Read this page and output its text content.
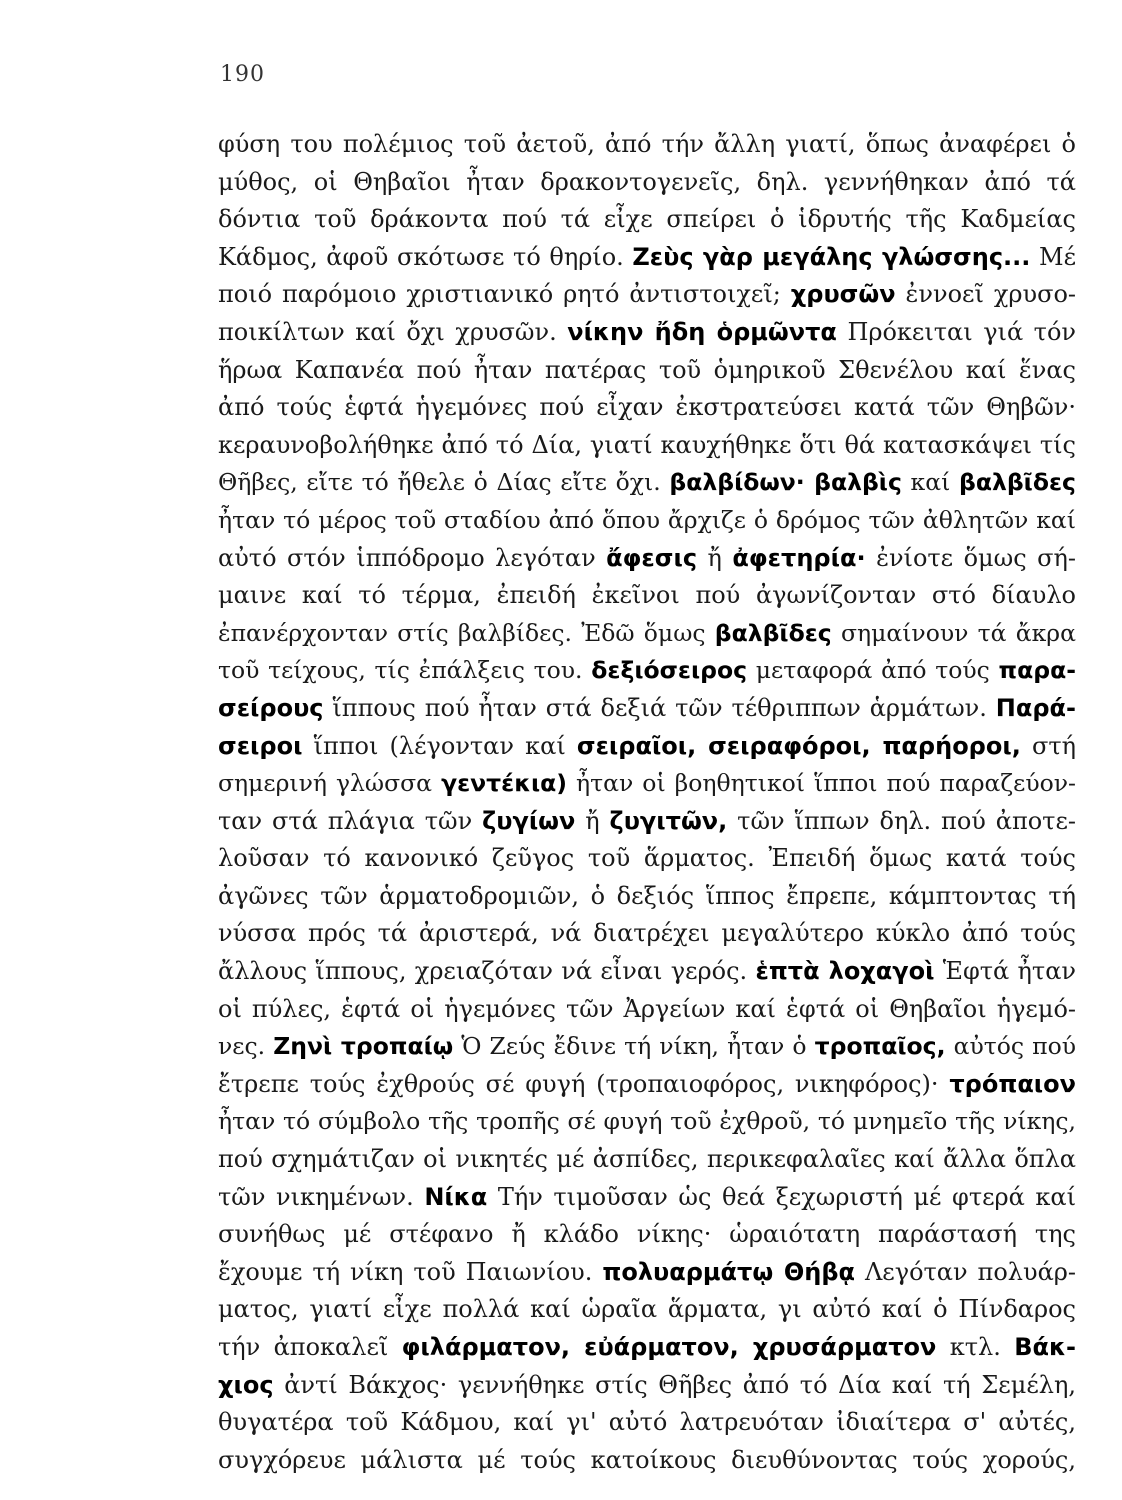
190
φύση του πολέμιος τοῦ ἀετοῦ, ἀπό τήν ἄλλη γιατί, ὅπως ἀναφέρει ὁ
μύθος, οἱ Θηβαῖοι ἦταν δρακοντογενεῖς, δηλ. γεννήθηκαν ἀπό τά
δόντια τοῦ δράκοντα πού τά εἶχε σπείρει ὁ ἱδρυτής τῆς Καδμείας
Κάδμος, ἀφοῦ σκότωσε τό θηρίο. Ζεὺς γὰρ μεγάλης γλώσσης... Μέ
ποιό παρόμοιο χριστιανικό ρητό ἀντιστοιχεῖ; χρυσῶν ἐννοεῖ χρυσο-
ποικίλτων καί ὄχι χρυσῶν. νίκην ἤδη ὁρμῶντα Πρόκειται γιά τόν
ἥρωα Καπανέα πού ἦταν πατέρας τοῦ ὁμηρικοῦ Σθενέλου καί ἕνας
ἀπό τούς ἑφτά ἡγεμόνες πού εἶχαν ἐκστρατεύσει κατά τῶν Θηβῶν·
κεραυνοβολήθηκε ἀπό τό Δία, γιατί καυχήθηκε ὅτι θά κατασκάψει τίς
Θῆβες, εἴτε τό ἤθελε ὁ Δίας εἴτε ὄχι. βαλβίδων· βαλβὶς καί βαλβῖδες
ἦταν τό μέρος τοῦ σταδίου ἀπό ὅπου ἄρχιζε ὁ δρόμος τῶν ἀθλητῶν καί
αὐτό στόν ἱππόδρομο λεγόταν ἄφεσις ἤ ἀφετηρία· ἐνίοτε ὅμως σή-
μαινε καί τό τέρμα, ἐπειδή ἐκεῖνοι πού ἀγωνίζονταν στό δίαυλο
ἐπανέρχονταν στίς βαλβίδες. Ἐδῶ ὅμως βαλβῖδες σημαίνουν τά ἄκρα
τοῦ τείχους, τίς ἐπάλξεις του. δεξιόσειρος μεταφορά ἀπό τούς παρα-
σείρους ἵππους πού ἦταν στά δεξιά τῶν τέθριππων ἁρμάτων. Παρά-
σειροι ἵπποι (λέγονταν καί σειραῖοι, σειραφόροι, παρήοροι, στή
σημερινή γλώσσα γεντέκια) ἦταν οἱ βοηθητικοί ἵπποι πού παραζεύον-
ταν στά πλάγια τῶν ζυγίων ἤ ζυγιτῶν, τῶν ἵππων δηλ. πού ἀποτε-
λοῦσαν τό κανονικό ζεῦγος τοῦ ἅρματος. Ἐπειδή ὅμως κατά τούς
ἀγῶνες τῶν ἁρματοδρομιῶν, ὁ δεξιός ἵππος ἔπρεπε, κάμπτοντας τή
νύσσα πρός τά ἀριστερά, νά διατρέχει μεγαλύτερο κύκλο ἀπό τούς
ἄλλους ἵππους, χρειαζόταν νά εἶναι γερός. ἑπτὰ λοχαγοὶ Ἑφτά ἦταν
οἱ πύλες, ἑφτά οἱ ἡγεμόνες τῶν Ἀργείων καί ἑφτά οἱ Θηβαῖοι ἡγεμό-
νες. Ζηνὶ τροπαίῳ Ὁ Ζεύς ἔδινε τή νίκη, ἦταν ὁ τροπαῖος, αὐτός πού
ἔτρεπε τούς ἐχθρούς σέ φυγή (τροπαιοφόρος, νικηφόρος)· τρόπαιον
ἦταν τό σύμβολο τῆς τροπῆς σέ φυγή τοῦ ἐχθροῦ, τό μνημεῖο τῆς νίκης,
πού σχημάτιζαν οἱ νικητές μέ ἀσπίδες, περικεφαλαῖες καί ἄλλα ὅπλα
τῶν νικημένων. Νίκα Τήν τιμοῦσαν ὡς θεά ξεχωριστή μέ φτερά καί
συνήθως μέ στέφανο ἤ κλάδο νίκης· ὡραιότατη παράστασή της
ἔχουμε τή νίκη τοῦ Παιωνίου. πολυαρμάτῳ Θήβᾳ Λεγόταν πολυάρ-
ματος, γιατί εἶχε πολλά καί ὡραῖα ἅρματα, γι αὐτό καί ὁ Πίνδαρος
τήν ἀποκαλεῖ φιλάρματον, εὐάρματον, χρυσάρματον κτλ. Βάκ-
χιος ἀντί Βάκχος· γεννήθηκε στίς Θῆβες ἀπό τό Δία καί τή Σεμέλη,
θυγατέρα τοῦ Κάδμου, καί γι' αὐτό λατρευόταν ἰδιαίτερα σ' αὐτές,
συγχόρευε μάλιστα μέ τούς κατοίκους διευθύνοντας τούς χορούς,
